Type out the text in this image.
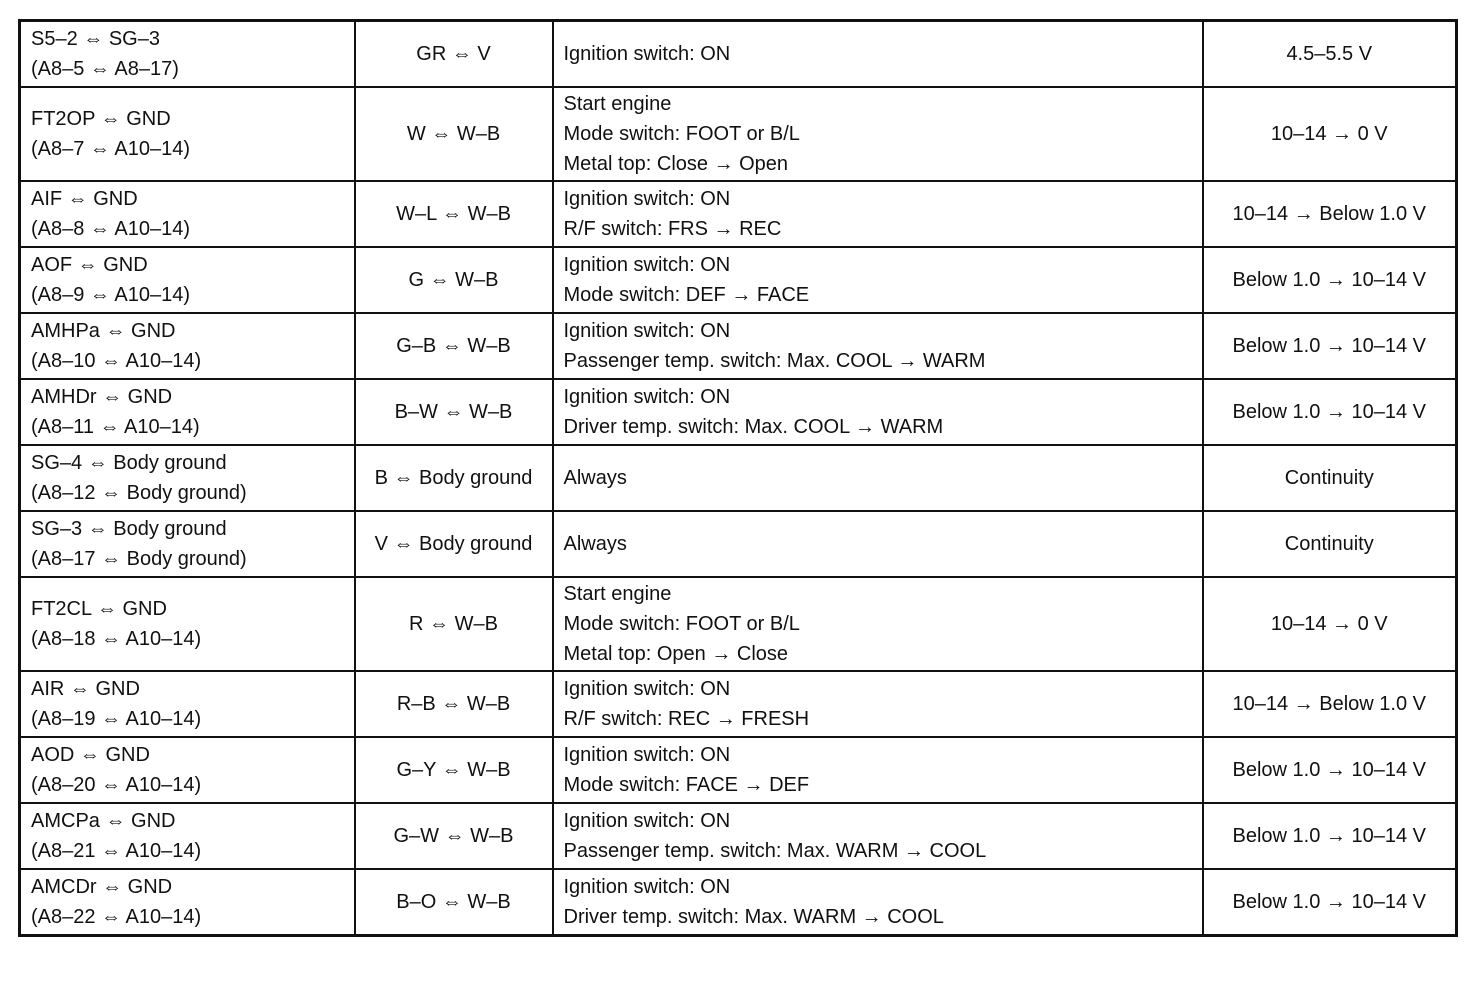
S5–2 ⇔ SG–3
(A8–5 ⇔ A8–17)	GR ⇔ V	Ignition switch: ON	4.5–5.5 V

FT2OP ⇔ GND
(A8–7 ⇔ A10–14)	W ⇔ W–B	Start engine
Mode switch: FOOT or B/L
Metal top: Close → Open	10–14 → 0 V

AIF ⇔ GND
(A8–8 ⇔ A10–14)	W–L ⇔ W–B	Ignition switch: ON
R/F switch: FRS → REC	10–14 → Below 1.0 V

AOF ⇔ GND
(A8–9 ⇔ A10–14)	G ⇔ W–B	Ignition switch: ON
Mode switch: DEF → FACE	Below 1.0 → 10–14 V

AMHPa ⇔ GND
(A8–10 ⇔ A10–14)	G–B ⇔ W–B	Ignition switch: ON
Passenger temp. switch: Max. COOL → WARM	Below 1.0 → 10–14 V

AMHDr ⇔ GND
(A8–11 ⇔ A10–14)	B–W ⇔ W–B	Ignition switch: ON
Driver temp. switch: Max. COOL → WARM	Below 1.0 → 10–14 V

SG–4 ⇔ Body ground
(A8–12 ⇔ Body ground)	B ⇔ Body ground	Always	Continuity

SG–3 ⇔ Body ground
(A8–17 ⇔ Body ground)	V ⇔ Body ground	Always	Continuity

FT2CL ⇔ GND
(A8–18 ⇔ A10–14)	R ⇔ W–B	Start engine
Mode switch: FOOT or B/L
Metal top: Open → Close	10–14 → 0 V

AIR ⇔ GND
(A8–19 ⇔ A10–14)	R–B ⇔ W–B	Ignition switch: ON
R/F switch: REC → FRESH	10–14 → Below 1.0 V

AOD ⇔ GND
(A8–20 ⇔ A10–14)	G–Y ⇔ W–B	Ignition switch: ON
Mode switch: FACE → DEF	Below 1.0 → 10–14 V

AMCPa ⇔ GND
(A8–21 ⇔ A10–14)	G–W ⇔ W–B	Ignition switch: ON
Passenger temp. switch: Max. WARM → COOL	Below 1.0 → 10–14 V

AMCDr ⇔ GND
(A8–22 ⇔ A10–14)	B–O ⇔ W–B	Ignition switch: ON
Driver temp. switch: Max. WARM → COOL	Below 1.0 → 10–14 V
